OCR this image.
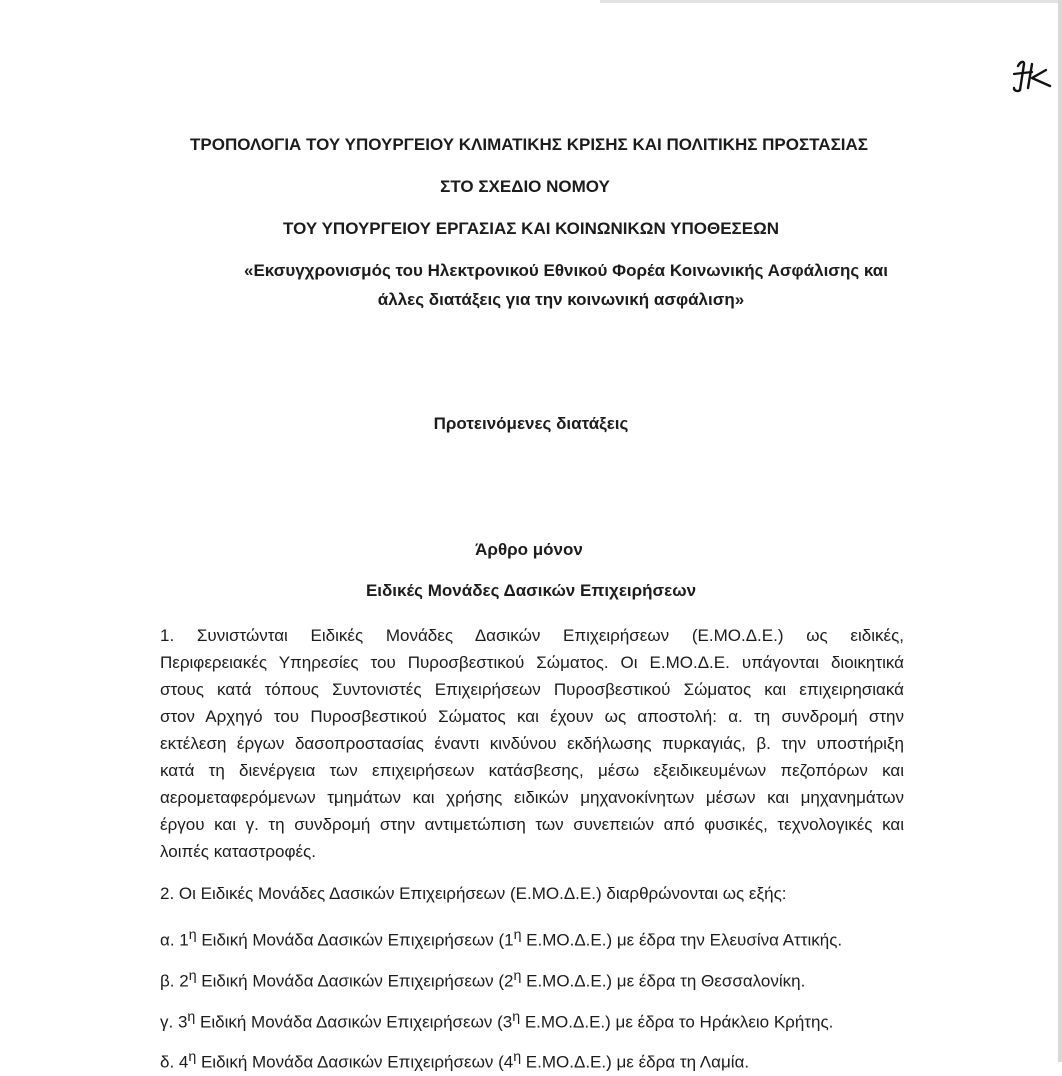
ΤΡΟΠΟΛΟΓΙΑ ΤΟΥ ΥΠΟΥΡΓΕΙΟΥ ΚΛΙΜΑΤΙΚΗΣ ΚΡΙΣΗΣ ΚΑΙ ΠΟΛΙΤΙΚΗΣ ΠΡΟΣΤΑΣΙΑΣ
ΣΤΟ ΣΧΕΔΙΟ ΝΟΜΟΥ
ΤΟΥ ΥΠΟΥΡΓΕΙΟΥ ΕΡΓΑΣΙΑΣ ΚΑΙ ΚΟΙΝΩΝΙΚΩΝ ΥΠΟΘΕΣΕΩΝ
«Εκσυγχρονισμός του Ηλεκτρονικού Εθνικού Φορέα Κοινωνικής Ασφάλισης και
άλλες διατάξεις για την κοινωνική ασφάλιση»
Προτεινόμενες διατάξεις
Άρθρο μόνον
Ειδικές Μονάδες Δασικών Επιχειρήσεων
1. Συνιστώνται Ειδικές Μονάδες Δασικών Επιχειρήσεων (Ε.ΜΟ.Δ.Ε.) ως ειδικές,
Περιφερειακές Υπηρεσίες του Πυροσβεστικού Σώματος. Οι Ε.ΜΟ.Δ.Ε. υπάγονται διοικητικά
στους κατά τόπους Συντονιστές Επιχειρήσεων Πυροσβεστικού Σώματος και επιχειρησιακά
στον Αρχηγό του Πυροσβεστικού Σώματος και έχουν ως αποστολή: α. τη συνδρομή στην
εκτέλεση έργων δασοπροστασίας έναντι κινδύνου εκδήλωσης πυρκαγιάς, β. την υποστήριξη
κατά τη διενέργεια των επιχειρήσεων κατάσβεσης, μέσω εξειδικευμένων πεζοπόρων και
αερομεταφερόμενων τμημάτων και χρήσης ειδικών μηχανοκίνητων μέσων και μηχανημάτων
έργου και γ. τη συνδρομή στην αντιμετώπιση των συνεπειών από φυσικές, τεχνολογικές και
λοιπές καταστροφές.
2. Οι Ειδικές Μονάδες Δασικών Επιχειρήσεων (Ε.ΜΟ.Δ.Ε.) διαρθρώνονται ως εξής:
α. $1^\eta$ Ειδική Μονάδα Δασικών Επιχειρήσεων ($1^\eta$ Ε.ΜΟ.Δ.Ε.) με έδρα την Ελευσίνα Αττικής.
β. $2^\eta$ Ειδική Μονάδα Δασικών Επιχειρήσεων ($2^\eta$ Ε.ΜΟ.Δ.Ε.) με έδρα τη Θεσσαλονίκη.
γ. $3^\eta$ Ειδική Μονάδα Δασικών Επιχειρήσεων ($3^\eta$ Ε.ΜΟ.Δ.Ε.) με έδρα το Ηράκλειο Κρήτης.
δ. $4^\eta$ Ειδική Μονάδα Δασικών Επιχειρήσεων ($4^\eta$ Ε.ΜΟ.Δ.Ε.) με έδρα τη Λαμία.
